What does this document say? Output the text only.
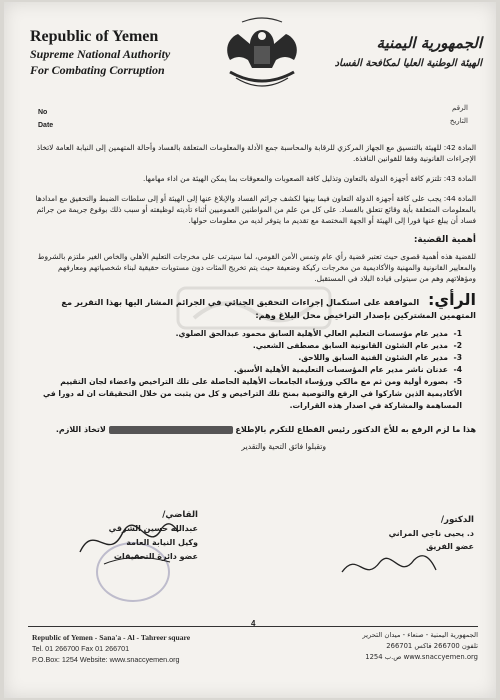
Republic of Yemen
Supreme National Authority
For Combating Corruption
الجمهورية اليمنية
الهيئة الوطنية العليا لمكافحة الفساد
No
Date
الرقم
التاريخ

المادة 42: للهيئة بالتنسيق مع الجهاز المركزي للرقابة والمحاسبة جمع الأدلة والمعلومات المتعلقة بالفساد وأحالة المتهمين إلى النيابة العامة لاتخاذ الإجراءات القانونية وفقا للقوانين النافذة.

المادة 43: تلتزم كافة أجهزة الدولة بالتعاون وتذليل كافة الصعوبات والمعوقات بما يمكن الهيئة من اداء مهامها.

المادة 44: يجب على كافة أجهزة الدولة التعاون فيما بينها لكشف جرائم الفساد والإبلاغ عنها إلى الهيئة أو إلى سلطات الضبط والتحقيق مع امدادها بالمعلومات المتعلقة بأية وقائع تتعلق بالفساد. على كل من علم من المواطنين العموميين أثناء تأديته لوظيفته أو سبب ذلك بوقوع جريمة من جرائم فساد أن يبلغ عنها فورا إلى الهيئة أو الجهة المختصة مع تقديم ما يتوفر لديه من معلومات حولها.

أهمية القضية:

للقضية هذه أهمية قصوى حيث تعتبر قضية رأي عام وتمس الأمن القومي، لما سيترتب على مخرجات التعليم الأهلي والخاص الغير ملتزم بالشروط والمعايير القانونية والمهنية والأكاديمية من مخرجات ركيكة وضعيفة حيث يتم تخريج المئات دون مستويات حقيقية لبناء شخصياتهم ومعارفهم ومؤهلاتهم وهم من سيتولى قيادة البلاد في المستقبل.

الرأي: الموافقة على استكمال إجراءات التحقيق الجنائي في الجرائم المشار اليها بهذا التقرير مع المتهمين المشتركين بإصدار التراخيص محل البلاغ وهم:
1-مدير عام مؤسسات التعليم العالي الأهلية السابق محمود عبدالحق الصلوي.
2-مدير عام الشئون القانونية السابق مصطفى الشعبي.
3-مدير عام الشئون الفنية السابق واللاحق.
4-عدنان ناشر مدير عام المؤسسات التعليمية الأهلية الأسبق.
5-بصورة أولية ومن ثم مع مالكي ورؤساء الجامعات الأهلية الحاصلة على تلك التراخيص واعضاء لجان التقييم الأكاديمية الذين شاركوا في الرفع والتوصية بمنح تلك التراخيص و كل من يثبت من خلال التحقيقات ان له دورا في المساهمة والمشاركة في اصدار هذه القرارات.
هذا ما لزم الرفع به للأخ الدكتور رئيس القطاع للتكرم بالإطلاع  لاتخاذ اللازم.
وتقبلوا فائق التحية والتقدير
القاضي/
عبدالله حسين الشرقي
وكيل النيابة العامة
عضو دائرة التحقيقات
الدكتور/
د. يحيى ناجي المراني
عضو الفريق
4
Republic of Yemen - Sana'a - Al - Tahreer square
Tel. 01 266700 Fax 01 266701
P.O.Box: 1254 Website: www.snaccyemen.org
الجمهورية اليمنية - صنعاء - ميدان التحرير
تلفون 266700 فاكس 266701
www.snaccyemen.org ص.ب 1254
